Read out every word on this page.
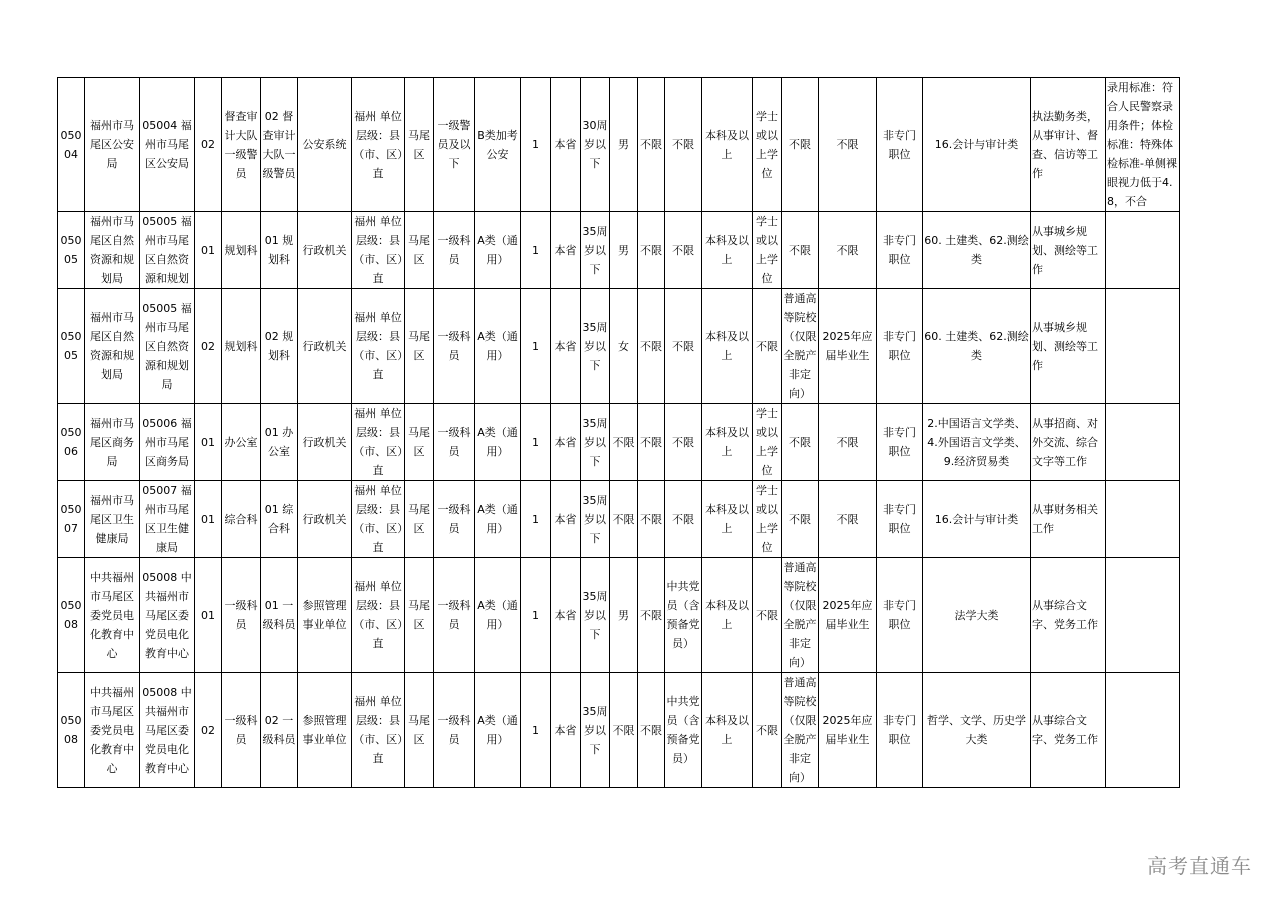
05004	福州市马尾区公安局	05004 福州市马尾区公安局	02	督查审计大队一级警员	02 督查审计大队一级警员	公安系统	福州 单位层级：县（市、区）直	马尾区	一级警员及以下	B类加考公安	1	本省	30周岁以下	男	不限	不限	本科及以上	学士或以上学位	不限	不限	非专门职位	16.会计与审计类	执法勤务类，从事审计、督查、信访等工作	录用标准：符合人民警察录用条件；体检标准：特殊体检标准-单侧裸眼视力低于4.8，不合
05005	福州市马尾区自然资源和规划局	05005 福州市马尾区自然资源和规划	01	规划科	01 规划科	行政机关	福州 单位层级：县（市、区）直	马尾区	一级科员	A类（通用）	1	本省	35周岁以下	男	不限	不限	本科及以上	学士或以上学位	不限	不限	非专门职位	60. 土建类、62.测绘类	从事城乡规划、测绘等工作	
05005	福州市马尾区自然资源和规划局	05005 福州市马尾区自然资源和规划局	02	规划科	02 规划科	行政机关	福州 单位层级：县（市、区）直	马尾区	一级科员	A类（通用）	1	本省	35周岁以下	女	不限	不限	本科及以上	不限	普通高等院校（仅限全脱产非定向）	2025年应届毕业生	非专门职位	60. 土建类、62.测绘类	从事城乡规划、测绘等工作	
05006	福州市马尾区商务局	05006 福州市马尾区商务局	01	办公室	01 办公室	行政机关	福州 单位层级：县（市、区）直	马尾区	一级科员	A类（通用）	1	本省	35周岁以下	不限	不限	不限	本科及以上	学士或以上学位	不限	不限	非专门职位	2.中国语言文学类、4.外国语言文学类、9.经济贸易类	从事招商、对外交流、综合文字等工作	
05007	福州市马尾区卫生健康局	05007 福州市马尾区卫生健康局	01	综合科	01 综合科	行政机关	福州 单位层级：县（市、区）直	马尾区	一级科员	A类（通用）	1	本省	35周岁以下	不限	不限	不限	本科及以上	学士或以上学位	不限	不限	非专门职位	16.会计与审计类	从事财务相关工作	
05008	中共福州市马尾区委党员电化教育中心	05008 中共福州市马尾区委党员电化教育中心	01	一级科员	01 一级科员	参照管理事业单位	福州 单位层级：县（市、区）直	马尾区	一级科员	A类（通用）	1	本省	35周岁以下	男	不限	中共党员（含预备党员）	本科及以上	不限	普通高等院校（仅限全脱产非定向）	2025年应届毕业生	非专门职位	法学大类	从事综合文字、党务工作	
05008	中共福州市马尾区委党员电化教育中心	05008 中共福州市马尾区委党员电化教育中心	02	一级科员	02 一级科员	参照管理事业单位	福州 单位层级：县（市、区）直	马尾区	一级科员	A类（通用）	1	本省	35周岁以下	不限	不限	中共党员（含预备党员）	本科及以上	不限	普通高等院校（仅限全脱产非定向）	2025年应届毕业生	非专门职位	哲学、文学、历史学大类	从事综合文字、党务工作	
高考直通车
